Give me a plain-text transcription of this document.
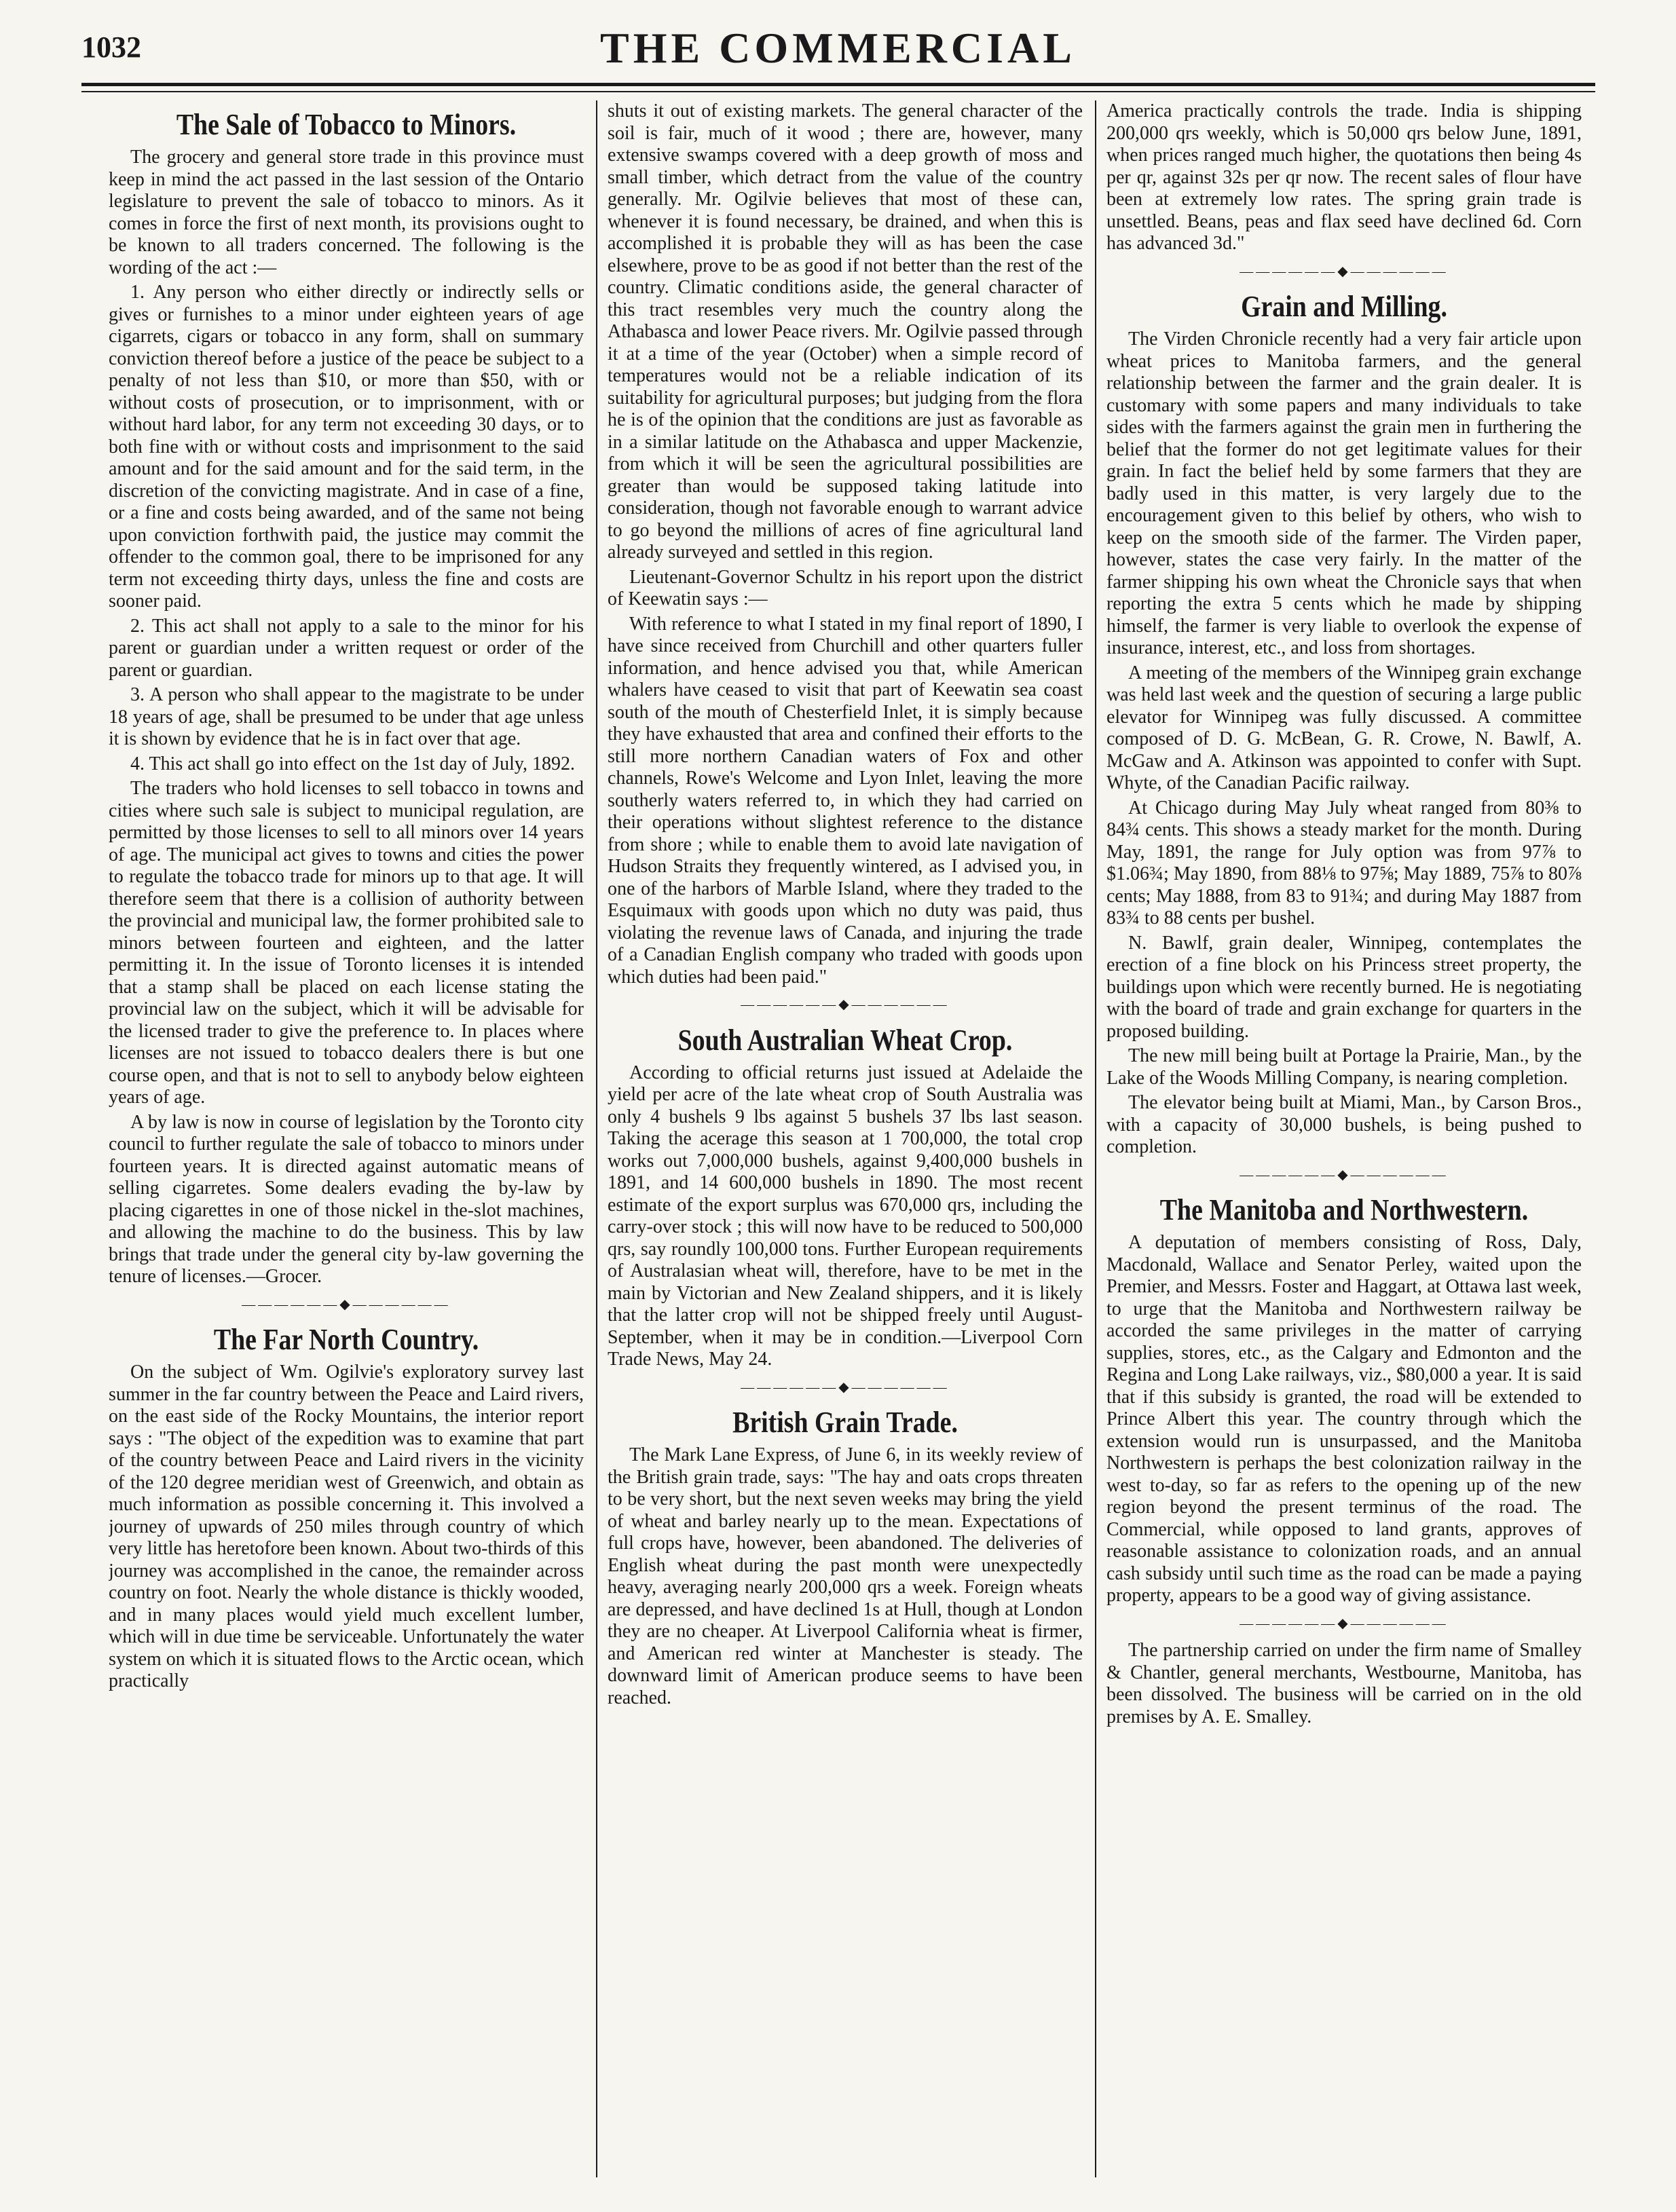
1032	THE COMMERCIAL
The Sale of Tobacco to Minors.

The grocery and general store trade in this province must keep in mind the act passed in the last session of the Ontario legislature to prevent the sale of tobacco to minors. As it comes in force the first of next month, its provisions ought to be known to all traders concerned. The following is the wording of the act :—

1. Any person who either directly or indirectly sells or gives or furnishes to a minor under eighteen years of age cigarrets, cigars or tobacco in any form, shall on summary conviction thereof before a justice of the peace be subject to a penalty of not less than $10, or more than $50, with or without costs of prosecution, or to imprisonment, with or without hard labor, for any term not exceeding 30 days, or to both fine with or without costs and imprisonment to the said amount and for the said amount and for the said term, in the discretion of the convicting magistrate. And in case of a fine, or a fine and costs being awarded, and of the same not being upon conviction forthwith paid, the justice may commit the offender to the common goal, there to be imprisoned for any term not exceeding thirty days, unless the fine and costs are sooner paid.

2. This act shall not apply to a sale to the minor for his parent or guardian under a written request or order of the parent or guardian.

3. A person who shall appear to the magistrate to be under 18 years of age, shall be presumed to be under that age unless it is shown by evidence that he is in fact over that age.

4. This act shall go into effect on the 1st day of July, 1892.

The traders who hold licenses to sell tobacco in towns and cities where such sale is subject to municipal regulation, are permitted by those licenses to sell to all minors over 14 years of age. The municipal act gives to towns and cities the power to regulate the tobacco trade for minors up to that age. It will therefore seem that there is a collision of authority between the provincial and municipal law, the former prohibited sale to minors between fourteen and eighteen, and the latter permitting it. In the issue of Toronto licenses it is intended that a stamp shall be placed on each license stating the provincial law on the subject, which it will be advisable for the licensed trader to give the preference to. In places where licenses are not issued to tobacco dealers there is but one course open, and that is not to sell to anybody below eighteen years of age.

A by law is now in course of legislation by the Toronto city council to further regulate the sale of tobacco to minors under fourteen years. It is directed against automatic means of selling cigarretes. Some dealers evading the by-law by placing cigarettes in one of those nickel in the-slot machines, and allowing the machine to do the business. This by law brings that trade under the general city by-law governing the tenure of licenses.—Grocer.

——————◆——————
The Far North Country.

On the subject of Wm. Ogilvie's exploratory survey last summer in the far country between the Peace and Laird rivers, on the east side of the Rocky Mountains, the interior report says : "The object of the expedition was to examine that part of the country between Peace and Laird rivers in the vicinity of the 120 degree meridian west of Greenwich, and obtain as much information as possible concerning it. This involved a journey of upwards of 250 miles through country of which very little has heretofore been known. About two-thirds of this journey was accomplished in the canoe, the remainder across country on foot. Nearly the whole distance is thickly wooded, and in many places would yield much excellent lumber, which will in due time be serviceable. Unfortunately the water system on which it is situated flows to the Arctic ocean, which practically

shuts it out of existing markets. The general character of the soil is fair, much of it wood ; there are, however, many extensive swamps covered with a deep growth of moss and small timber, which detract from the value of the country generally. Mr. Ogilvie believes that most of these can, whenever it is found necessary, be drained, and when this is accomplished it is probable they will as has been the case elsewhere, prove to be as good if not better than the rest of the country. Climatic conditions aside, the general character of this tract resembles very much the country along the Athabasca and lower Peace rivers. Mr. Ogilvie passed through it at a time of the year (October) when a simple record of temperatures would not be a reliable indication of its suitability for agricultural purposes; but judging from the flora he is of the opinion that the conditions are just as favorable as in a similar latitude on the Athabasca and upper Mackenzie, from which it will be seen the agricultural possibilities are greater than would be supposed taking latitude into consideration, though not favorable enough to warrant advice to go beyond the millions of acres of fine agricultural land already surveyed and settled in this region.

Lieutenant-Governor Schultz in his report upon the district of Keewatin says :—

With reference to what I stated in my final report of 1890, I have since received from Churchill and other quarters fuller information, and hence advised you that, while American whalers have ceased to visit that part of Keewatin sea coast south of the mouth of Chesterfield Inlet, it is simply because they have exhausted that area and confined their efforts to the still more northern Canadian waters of Fox and other channels, Rowe's Welcome and Lyon Inlet, leaving the more southerly waters referred to, in which they had carried on their operations without slightest reference to the distance from shore ; while to enable them to avoid late navigation of Hudson Straits they frequently wintered, as I advised you, in one of the harbors of Marble Island, where they traded to the Esquimaux with goods upon which no duty was paid, thus violating the revenue laws of Canada, and injuring the trade of a Canadian English company who traded with goods upon which duties had been paid."

——————◆——————
South Australian Wheat Crop.

According to official returns just issued at Adelaide the yield per acre of the late wheat crop of South Australia was only 4 bushels 9 lbs against 5 bushels 37 lbs last season. Taking the acerage this season at 1 700,000, the total crop works out 7,000,000 bushels, against 9,400,000 bushels in 1891, and 14 600,000 bushels in 1890. The most recent estimate of the export surplus was 670,000 qrs, including the carry-over stock ; this will now have to be reduced to 500,000 qrs, say roundly 100,000 tons. Further European requirements of Australasian wheat will, therefore, have to be met in the main by Victorian and New Zealand shippers, and it is likely that the latter crop will not be shipped freely until August-September, when it may be in condition.—Liverpool Corn Trade News, May 24.

——————◆——————
British Grain Trade.

The Mark Lane Express, of June 6, in its weekly review of the British grain trade, says: "The hay and oats crops threaten to be very short, but the next seven weeks may bring the yield of wheat and barley nearly up to the mean. Expectations of full crops have, however, been abandoned. The deliveries of English wheat during the past month were unexpectedly heavy, averaging nearly 200,000 qrs a week. Foreign wheats are depressed, and have declined 1s at Hull, though at London they are no cheaper. At Liverpool California wheat is firmer, and American red winter at Manchester is steady. The downward limit of American produce seems to have been reached.

America practically controls the trade. India is shipping 200,000 qrs weekly, which is 50,000 qrs below June, 1891, when prices ranged much higher, the quotations then being 4s per qr, against 32s per qr now. The recent sales of flour have been at extremely low rates. The spring grain trade is unsettled. Beans, peas and flax seed have declined 6d. Corn has advanced 3d."

——————◆——————
Grain and Milling.

The Virden Chronicle recently had a very fair article upon wheat prices to Manitoba farmers, and the general relationship between the farmer and the grain dealer. It is customary with some papers and many individuals to take sides with the farmers against the grain men in furthering the belief that the former do not get legitimate values for their grain. In fact the belief held by some farmers that they are badly used in this matter, is very largely due to the encouragement given to this belief by others, who wish to keep on the smooth side of the farmer. The Virden paper, however, states the case very fairly. In the matter of the farmer shipping his own wheat the Chronicle says that when reporting the extra 5 cents which he made by shipping himself, the farmer is very liable to overlook the expense of insurance, interest, etc., and loss from shortages.

A meeting of the members of the Winnipeg grain exchange was held last week and the question of securing a large public elevator for Winnipeg was fully discussed. A committee composed of D. G. McBean, G. R. Crowe, N. Bawlf, A. McGaw and A. Atkinson was appointed to confer with Supt. Whyte, of the Canadian Pacific railway.

At Chicago during May July wheat ranged from 80⅜ to 84¾ cents. This shows a steady market for the month. During May, 1891, the range for July option was from 97⅞ to $1.06¾; May 1890, from 88⅛ to 97⅝; May 1889, 75⅞ to 80⅞ cents; May 1888, from 83 to 91¾; and during May 1887 from 83¾ to 88 cents per bushel.

N. Bawlf, grain dealer, Winnipeg, contemplates the erection of a fine block on his Princess street property, the buildings upon which were recently burned. He is negotiating with the board of trade and grain exchange for quarters in the proposed building.

The new mill being built at Portage la Prairie, Man., by the Lake of the Woods Milling Company, is nearing completion.

The elevator being built at Miami, Man., by Carson Bros., with a capacity of 30,000 bushels, is being pushed to completion.

——————◆——————
The Manitoba and Northwestern.

A deputation of members consisting of Ross, Daly, Macdonald, Wallace and Senator Perley, waited upon the Premier, and Messrs. Foster and Haggart, at Ottawa last week, to urge that the Manitoba and Northwestern railway be accorded the same privileges in the matter of carrying supplies, stores, etc., as the Calgary and Edmonton and the Regina and Long Lake railways, viz., $80,000 a year. It is said that if this subsidy is granted, the road will be extended to Prince Albert this year. The country through which the extension would run is unsurpassed, and the Manitoba Northwestern is perhaps the best colonization railway in the west to-day, so far as refers to the opening up of the new region beyond the present terminus of the road. The Commercial, while opposed to land grants, approves of reasonable assistance to colonization roads, and an annual cash subsidy until such time as the road can be made a paying property, appears to be a good way of giving assistance.

——————◆——————

The partnership carried on under the firm name of Smalley & Chantler, general merchants, Westbourne, Manitoba, has been dissolved. The business will be carried on in the old premises by A. E. Smalley.
